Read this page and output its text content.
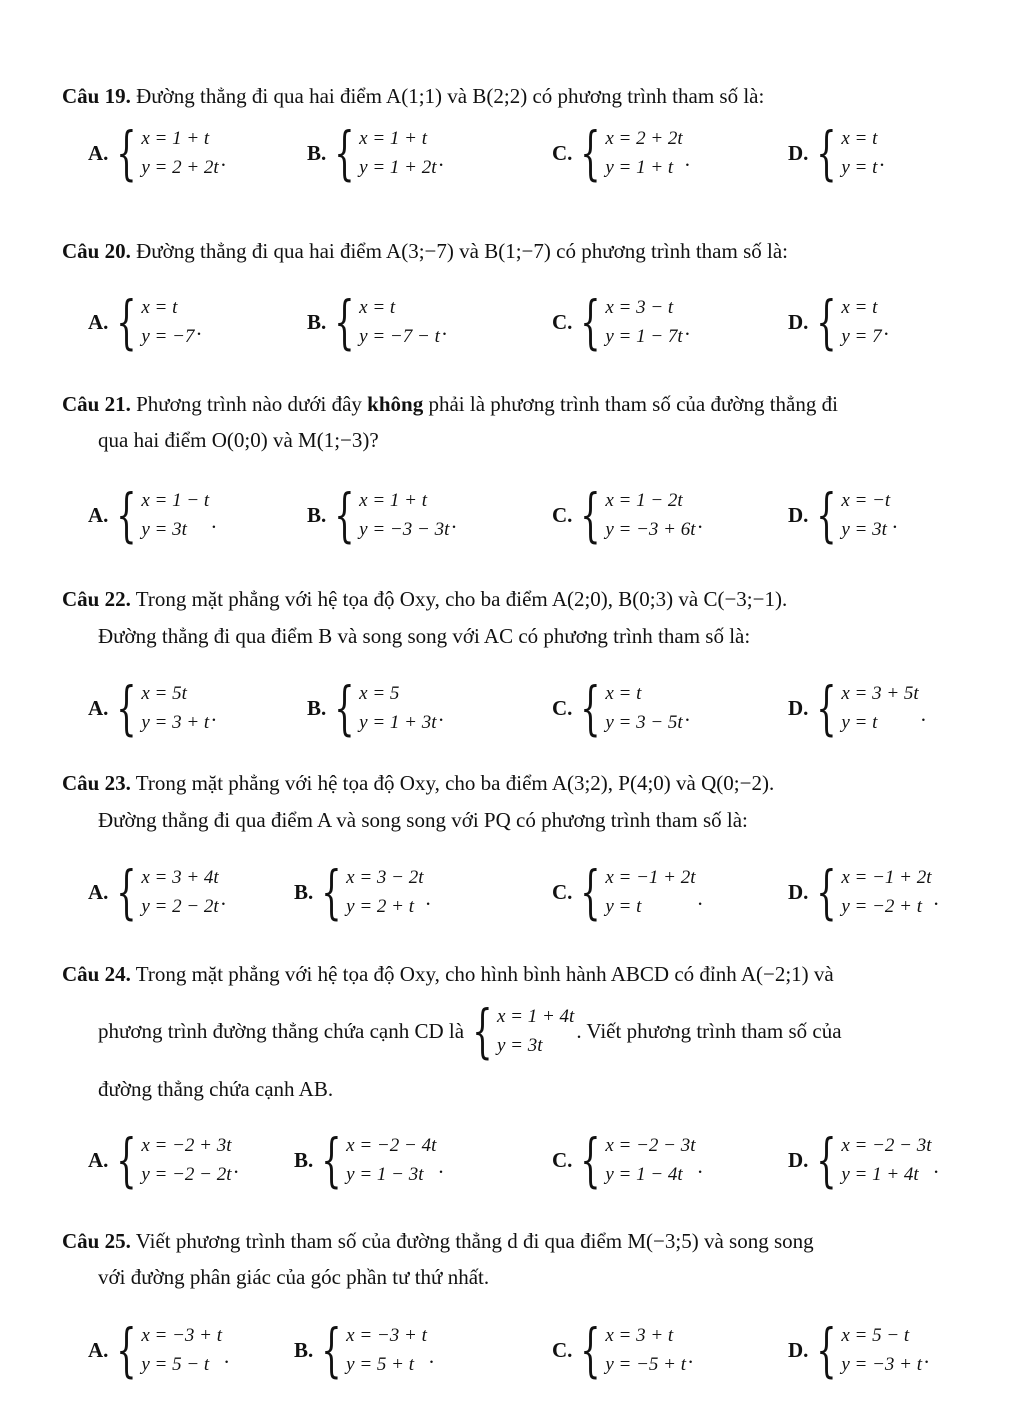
Câu 19. Đường thẳng đi qua hai điểm A(1;1) và B(2;2) có phương trình tham số là:
A. { x = 1 + t
y = 2 + 2t .	B. { x = 1 + t
y = 1 + 2t .	C. { x = 2 + 2t
y = 1 + t .	D. { x = t
y = t .
Câu 20. Đường thẳng đi qua hai điểm A(3;−7) và B(1;−7) có phương trình tham số là:
A. { x = t
y = −7 .	B. { x = t
y = −7 − t .	C. { x = 3 − t
y = 1 − 7t .	D. { x = t
y = 7 .
Câu 21. Phương trình nào dưới đây không phải là phương trình tham số của đường thẳng đi
qua hai điểm O(0;0) và M(1;−3)?
A. { x = 1 − t
y = 3t	.	B. { x = 1 + t
y = −3 − 3t .	C. { x = 1 − 2t
y = −3 + 6t .	D. { x = −t
y = 3t .
Câu 22. Trong mặt phẳng với hệ tọa độ Oxy, cho ba điểm A(2;0), B(0;3) và C(−3;−1).
Đường thẳng đi qua điểm B và song song với AC có phương trình tham số là:
A. { x = 5t
y = 3 + t .	B. { x = 5
y = 1 + 3t .	C. { x = t
y = 3 − 5t .	D. { x = 3 + 5t
y = t	.
Câu 23. Trong mặt phẳng với hệ tọa độ Oxy, cho ba điểm A(3;2), P(4;0) và Q(0;−2).
Đường thẳng đi qua điểm A và song song với PQ có phương trình tham số là:
A. { x = 3 + 4t
y = 2 − 2t .	B. { x = 3 − 2t
y = 2 + t .	C. { x = −1 + 2t
y = t	.	D. { x = −1 + 2t
y = −2 + t .
Câu 24. Trong mặt phẳng với hệ tọa độ Oxy, cho hình bình hành ABCD có đỉnh A(−2;1) và
phương trình đường thẳng chứa cạnh CD là { x = 1 + 4t
y = 3t
. Viết phương trình tham số của
đường thẳng chứa cạnh AB.
A. { x = −2 + 3t
y = −2 − 2t .	B. { x = −2 − 4t
y = 1 − 3t .	C. { x = −2 − 3t
y = 1 − 4t .	D. { x = −2 − 3t
y = 1 + 4t .
Câu 25. Viết phương trình tham số của đường thẳng d đi qua điểm M(−3;5) và song song
với đường phân giác của góc phần tư thứ nhất.
A. { x = −3 + t
y = 5 − t .	B. { x = −3 + t
y = 5 + t .	C. { x = 3 + t
y = −5 + t .	D. { x = 5 − t
y = −3 + t .
